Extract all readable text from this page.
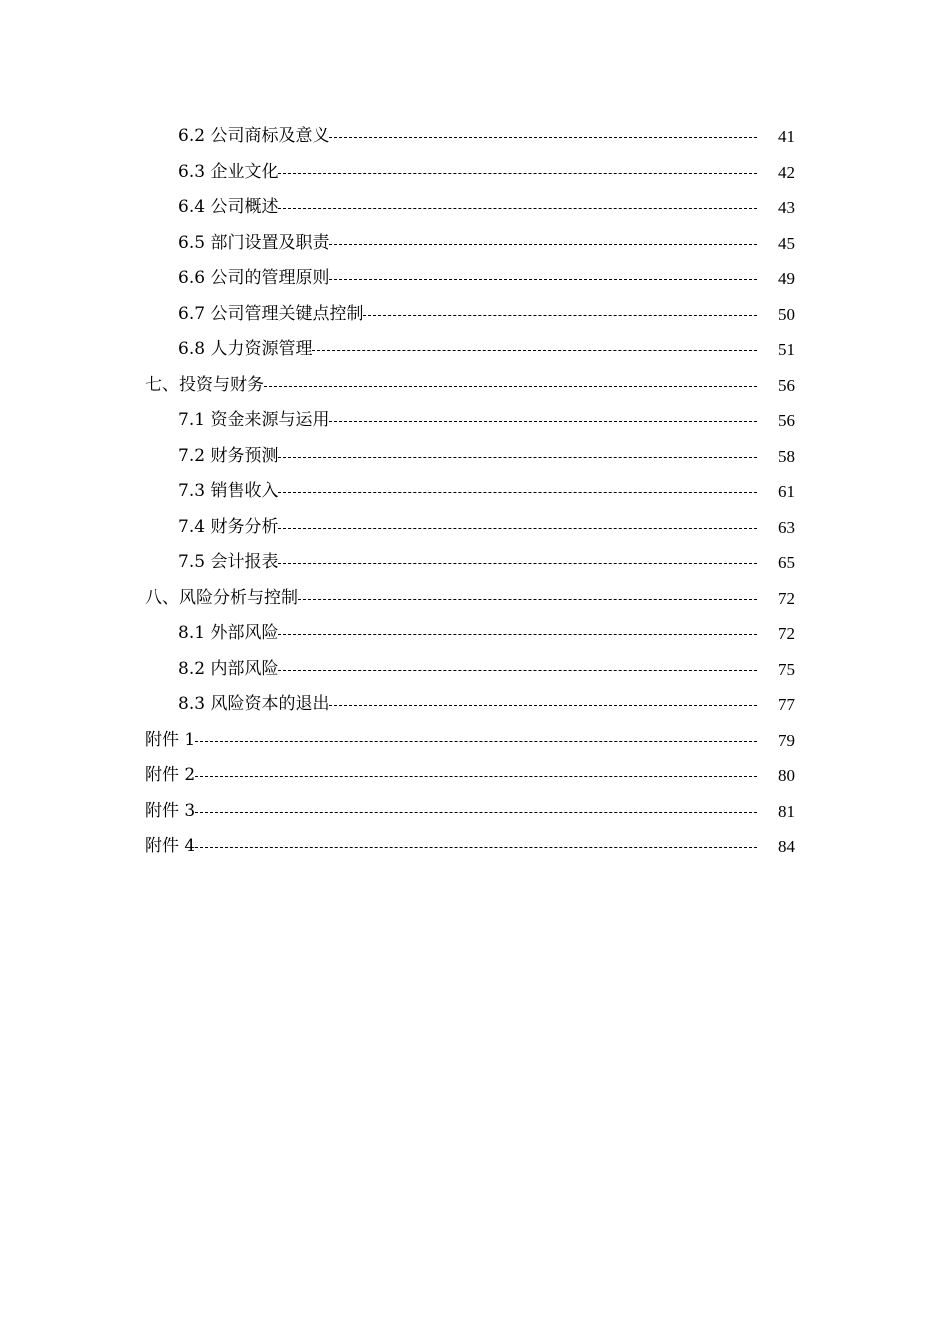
6.2 公司商标及意义	41
6.3 企业文化	42
6.4 公司概述	43
6.5 部门设置及职责	45
6.6 公司的管理原则	49
6.7 公司管理关键点控制	50
6.8 人力资源管理	51
七、投资与财务	56
7.1 资金来源与运用	56
7.2 财务预测	58
7.3 销售收入	61
7.4 财务分析	63
7.5 会计报表	65
八、风险分析与控制	72
8.1 外部风险	72
8.2 内部风险	75
8.3 风险资本的退出	77
附件 1	79
附件 2	80
附件 3	81
附件 4	84
